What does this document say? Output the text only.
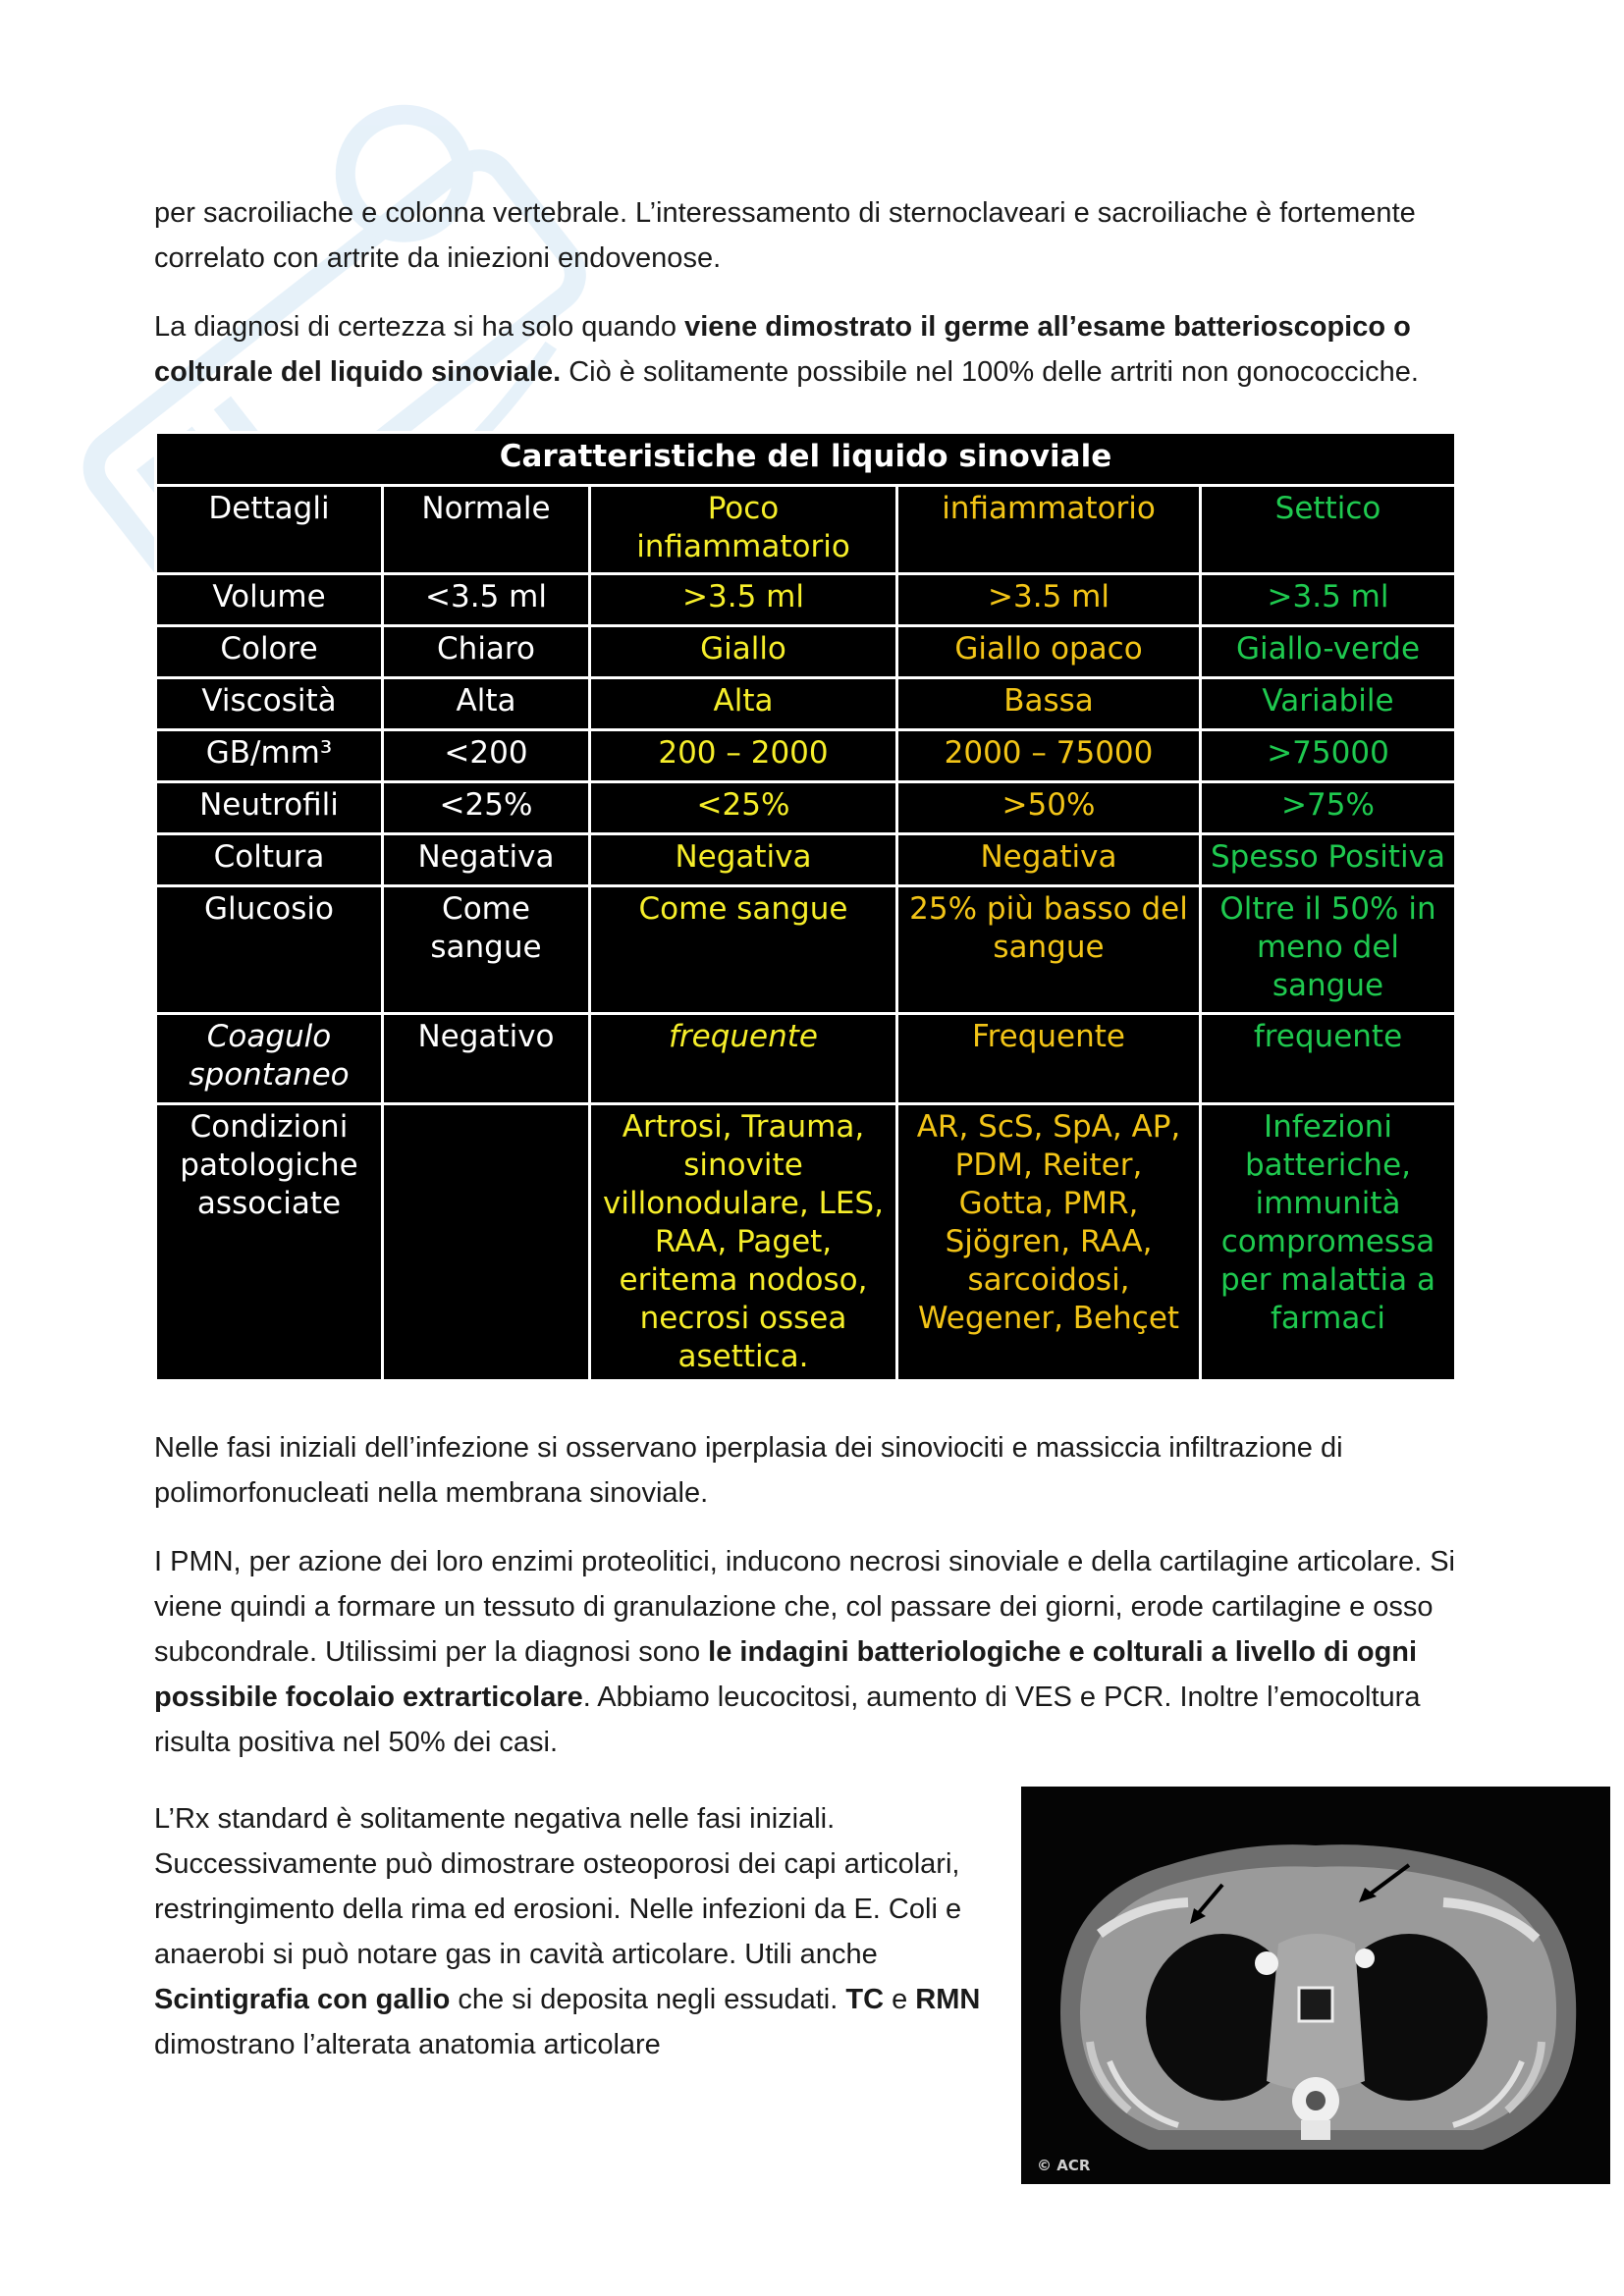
per sacroiliache e colonna vertebrale. L’interessamento di sternoclaveari e sacroiliache è fortemente correlato con artrite da iniezioni endovenose.

La diagnosi di certezza si ha solo quando viene dimostrato il germe all’esame batterioscopico o colturale del liquido sinoviale. Ciò è solitamente possibile nel 100% delle artriti non gonococciche.

Caratteristiche del liquido sinoviale				
Dettagli	Normale	Poco infiammatorio	infiammatorio	Settico
Volume	<3.5 ml	>3.5 ml	>3.5 ml	>3.5 ml
Colore	Chiaro	Giallo	Giallo opaco	Giallo-verde
Viscosità	Alta	Alta	Bassa	Variabile
GB/mm³	<200	200 – 2000	2000 – 75000	>75000
Neutrofili	<25%	<25%	>50%	>75%
Coltura	Negativa	Negativa	Negativa	Spesso Positiva
Glucosio	Come sangue	Come sangue	25% più basso del sangue	Oltre il 50% in meno del sangue
Coagulo spontaneo	Negativo	frequente	Frequente	frequente
Condizioni patologiche associate		Artrosi, Trauma, sinovite villonodulare, LES, RAA, Paget, eritema nodoso, necrosi ossea asettica.	AR, ScS, SpA, AP, PDM, Reiter, Gotta, PMR, Sjögren, RAA, sarcoidosi, Wegener, Behçet	Infezioni batteriche, immunità compromessa per malattia a farmaci

Nelle fasi iniziali dell’infezione si osservano iperplasia dei sinoviociti e massiccia infiltrazione di polimorfonucleati nella membrana sinoviale.

I PMN, per azione dei loro enzimi proteolitici, inducono necrosi sinoviale e della cartilagine articolare. Si viene quindi a formare un tessuto di granulazione che, col passare dei giorni, erode cartilagine e osso subcondrale. Utilissimi per la diagnosi sono le indagini batteriologiche e colturali a livello di ogni possibile focolaio extrarticolare. Abbiamo leucocitosi, aumento di VES e PCR. Inoltre l’emocoltura risulta positiva nel 50% dei casi.

L’Rx standard è solitamente negativa nelle fasi iniziali. Successivamente può dimostrare osteoporosi dei capi articolari, restringimento della rima ed erosioni. Nelle infezioni da E. Coli e anaerobi si può notare gas in cavità articolare. Utili anche Scintigrafia con gallio che si deposita negli essudati. TC e RMN dimostrano l’alterata anatomia articolare

© ACR
